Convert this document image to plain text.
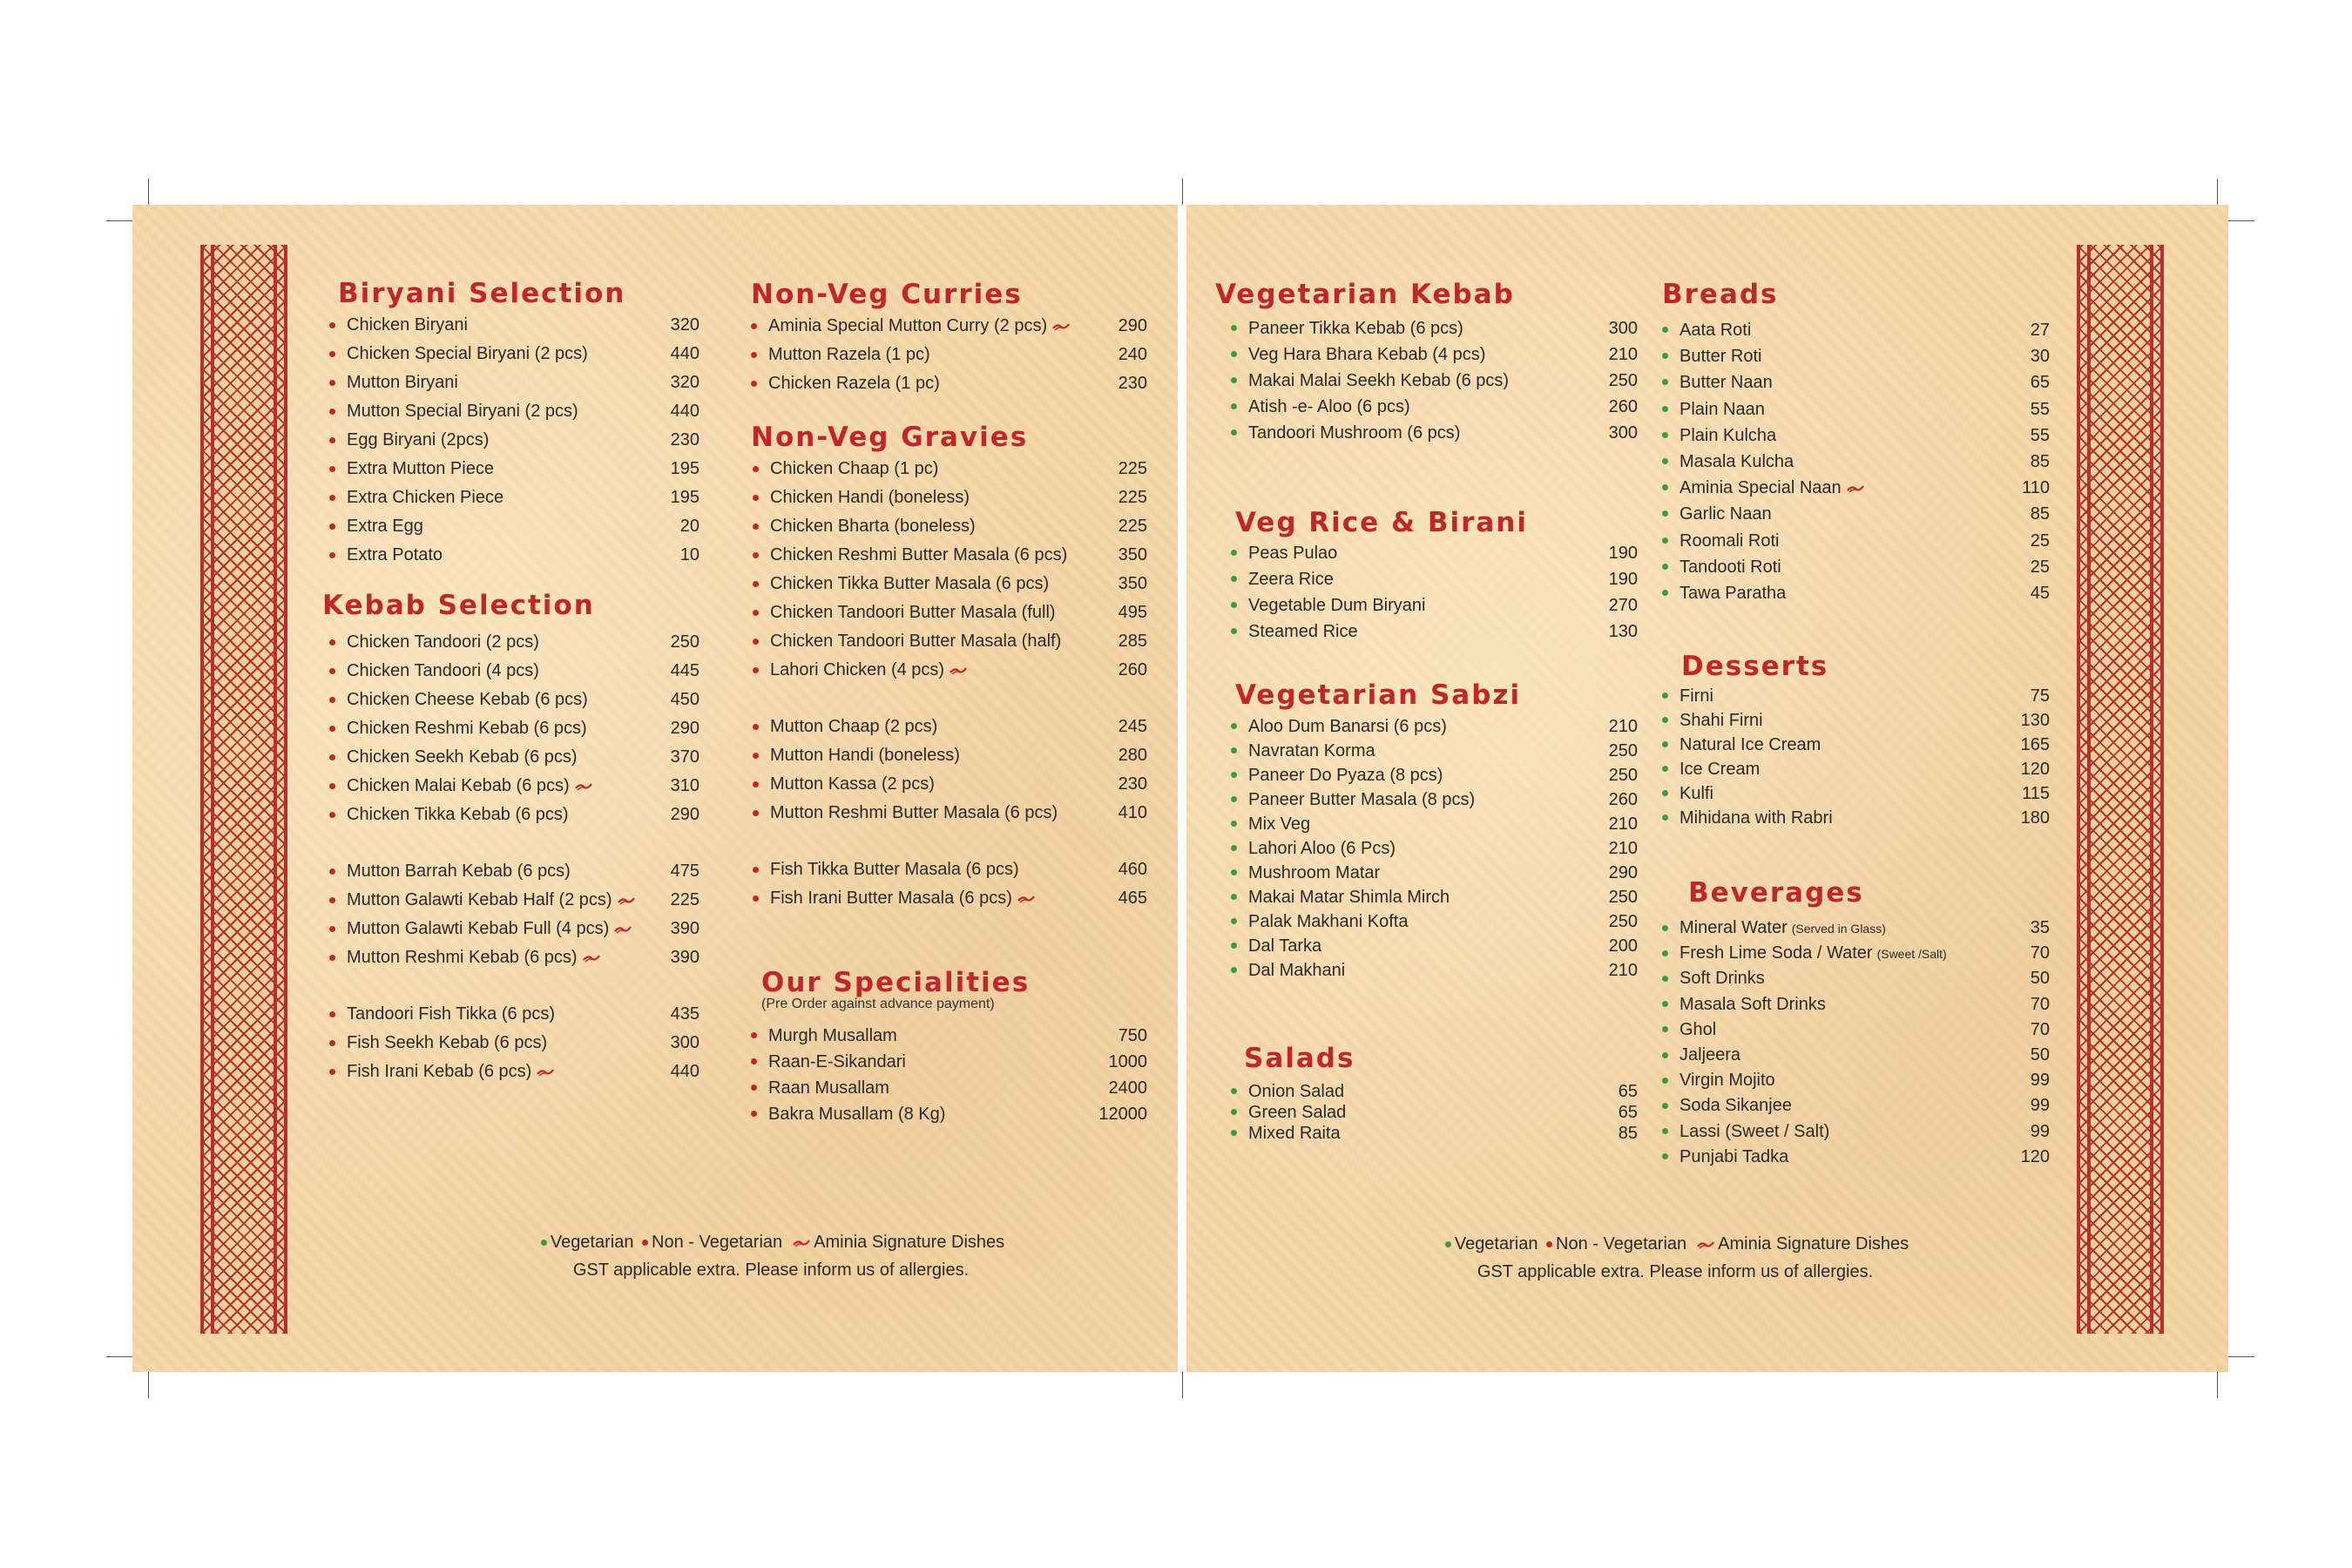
Biryani Selection
Chicken Biryani	320
Chicken Special Biryani (2 pcs)	440
Mutton Biryani	320
Mutton Special Biryani (2 pcs)	440
Egg Biryani (2pcs)	230
Extra Mutton Piece	195
Extra Chicken Piece	195
Extra Egg	20
Extra Potato	10
Kebab Selection
Chicken Tandoori (2 pcs)	250
Chicken Tandoori (4 pcs)	445
Chicken Cheese Kebab (6 pcs)	450
Chicken Reshmi Kebab (6 pcs)	290
Chicken Seekh Kebab (6 pcs)	370
Chicken Malai Kebab (6 pcs)	310
Chicken Tikka Kebab (6 pcs)	290
Mutton Barrah Kebab (6 pcs)	475
Mutton Galawti Kebab Half (2 pcs)	225
Mutton Galawti Kebab Full (4 pcs)	390
Mutton Reshmi Kebab (6 pcs)	390
Tandoori Fish Tikka (6 pcs)	435
Fish Seekh Kebab (6 pcs)	300
Fish Irani Kebab (6 pcs)	440
Non-Veg Curries
Aminia Special Mutton Curry (2 pcs)	290
Mutton Razela (1 pc)	240
Chicken Razela (1 pc)	230
Non-Veg Gravies
Chicken Chaap (1 pc)	225
Chicken Handi (boneless)	225
Chicken Bharta (boneless)	225
Chicken Reshmi Butter Masala (6 pcs)	350
Chicken Tikka Butter Masala (6 pcs)	350
Chicken Tandoori Butter Masala (full)	495
Chicken Tandoori Butter Masala (half)	285
Lahori Chicken (4 pcs)	260
Mutton Chaap (2 pcs)	245
Mutton Handi (boneless)	280
Mutton Kassa (2 pcs)	230
Mutton Reshmi Butter Masala (6 pcs)	410
Fish Tikka Butter Masala (6 pcs)	460
Fish Irani Butter Masala (6 pcs)	465
Our Specialities
(Pre Order against advance payment)
Murgh Musallam	750
Raan-E-Sikandari	1000
Raan Musallam	2400
Bakra Musallam (8 Kg)	12000
Vegetarian Non - Vegetarian Aminia Signature Dishes
GST applicable extra. Please inform us of allergies.
Vegetarian Kebab
Paneer Tikka Kebab (6 pcs)	300
Veg Hara Bhara Kebab (4 pcs)	210
Makai Malai Seekh Kebab (6 pcs)	250
Atish -e- Aloo (6 pcs)	260
Tandoori Mushroom (6 pcs)	300
Veg Rice & Birani
Peas Pulao	190
Zeera Rice	190
Vegetable Dum Biryani	270
Steamed Rice	130
Vegetarian Sabzi
Aloo Dum Banarsi (6 pcs)	210
Navratan Korma	250
Paneer Do Pyaza (8 pcs)	250
Paneer Butter Masala (8 pcs)	260
Mix Veg	210
Lahori Aloo (6 Pcs)	210
Mushroom Matar	290
Makai Matar Shimla Mirch	250
Palak Makhani Kofta	250
Dal Tarka	200
Dal Makhani	210
Salads
Onion Salad	65
Green Salad	65
Mixed Raita	85
Breads
Aata Roti	27
Butter Roti	30
Butter Naan	65
Plain Naan	55
Plain Kulcha	55
Masala Kulcha	85
Aminia Special Naan	110
Garlic Naan	85
Roomali Roti	25
Tandooti Roti	25
Tawa Paratha	45
Desserts
Firni	75
Shahi Firni	130
Natural Ice Cream	165
Ice Cream	120
Kulfi	115
Mihidana with Rabri	180
Beverages
Mineral Water (Served in Glass)	35
Fresh Lime Soda / Water (Sweet /Salt)	70
Soft Drinks	50
Masala Soft Drinks	70
Ghol	70
Jaljeera	50
Virgin Mojito	99
Soda Sikanjee	99
Lassi (Sweet / Salt)	99
Punjabi Tadka	120
Vegetarian Non - Vegetarian Aminia Signature Dishes
GST applicable extra. Please inform us of allergies.
